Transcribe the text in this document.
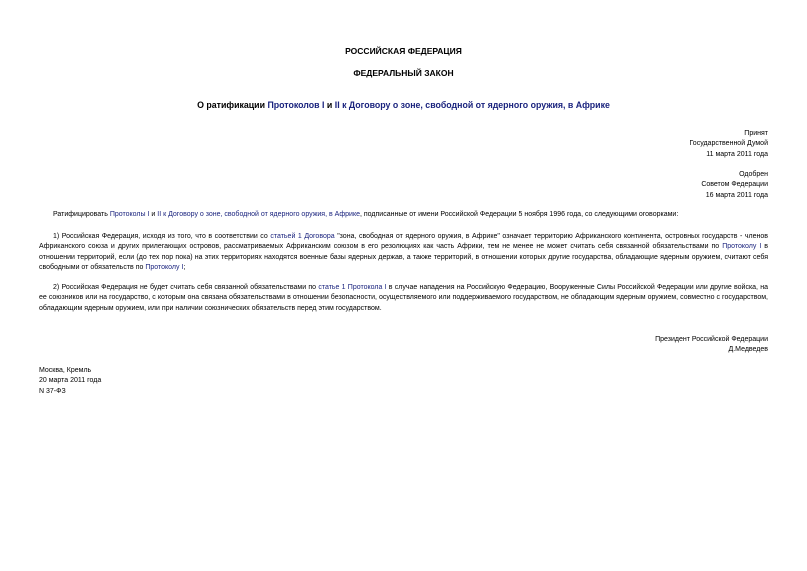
РОССИЙСКАЯ ФЕДЕРАЦИЯ
ФЕДЕРАЛЬНЫЙ ЗАКОН
О ратификации Протоколов I и II к Договору о зоне, свободной от ядерного оружия, в Африке
Принят
Государственной Думой
11 марта 2011 года
Одобрен
Советом Федерации
16 марта 2011 года
Ратифицировать Протоколы I и II к Договору о зоне, свободной от ядерного оружия, в Африке, подписанные от имени Российской Федерации 5 ноября 1996 года, со следующими оговорками:
1) Российская Федерация, исходя из того, что в соответствии со статьей 1 Договора "зона, свободная от ядерного оружия, в Африке" означает территорию Африканского континента, островных государств - членов Африканского союза и других прилегающих островов, рассматриваемых Африканским союзом в его резолюциях как часть Африки, тем не менее не может считать себя связанной обязательствами по Протоколу I в отношении территорий, если (до тех пор пока) на этих территориях находятся военные базы ядерных держав, а также территорий, в отношении которых другие государства, обладающие ядерным оружием, считают себя свободными от обязательств по Протоколу I;
2) Российская Федерация не будет считать себя связанной обязательствами по статье 1 Протокола I в случае нападения на Российскую Федерацию, Вооруженные Силы Российской Федерации или другие войска, на ее союзников или на государство, с которым она связана обязательствами в отношении безопасности, осуществляемого или поддерживаемого государством, не обладающим ядерным оружием, совместно с государством, обладающим ядерным оружием, или при наличии союзнических обязательств перед этим государством.
Президент Российской Федерации
Д.Медведев
Москва, Кремль
20 марта 2011 года
N 37-ФЗ
